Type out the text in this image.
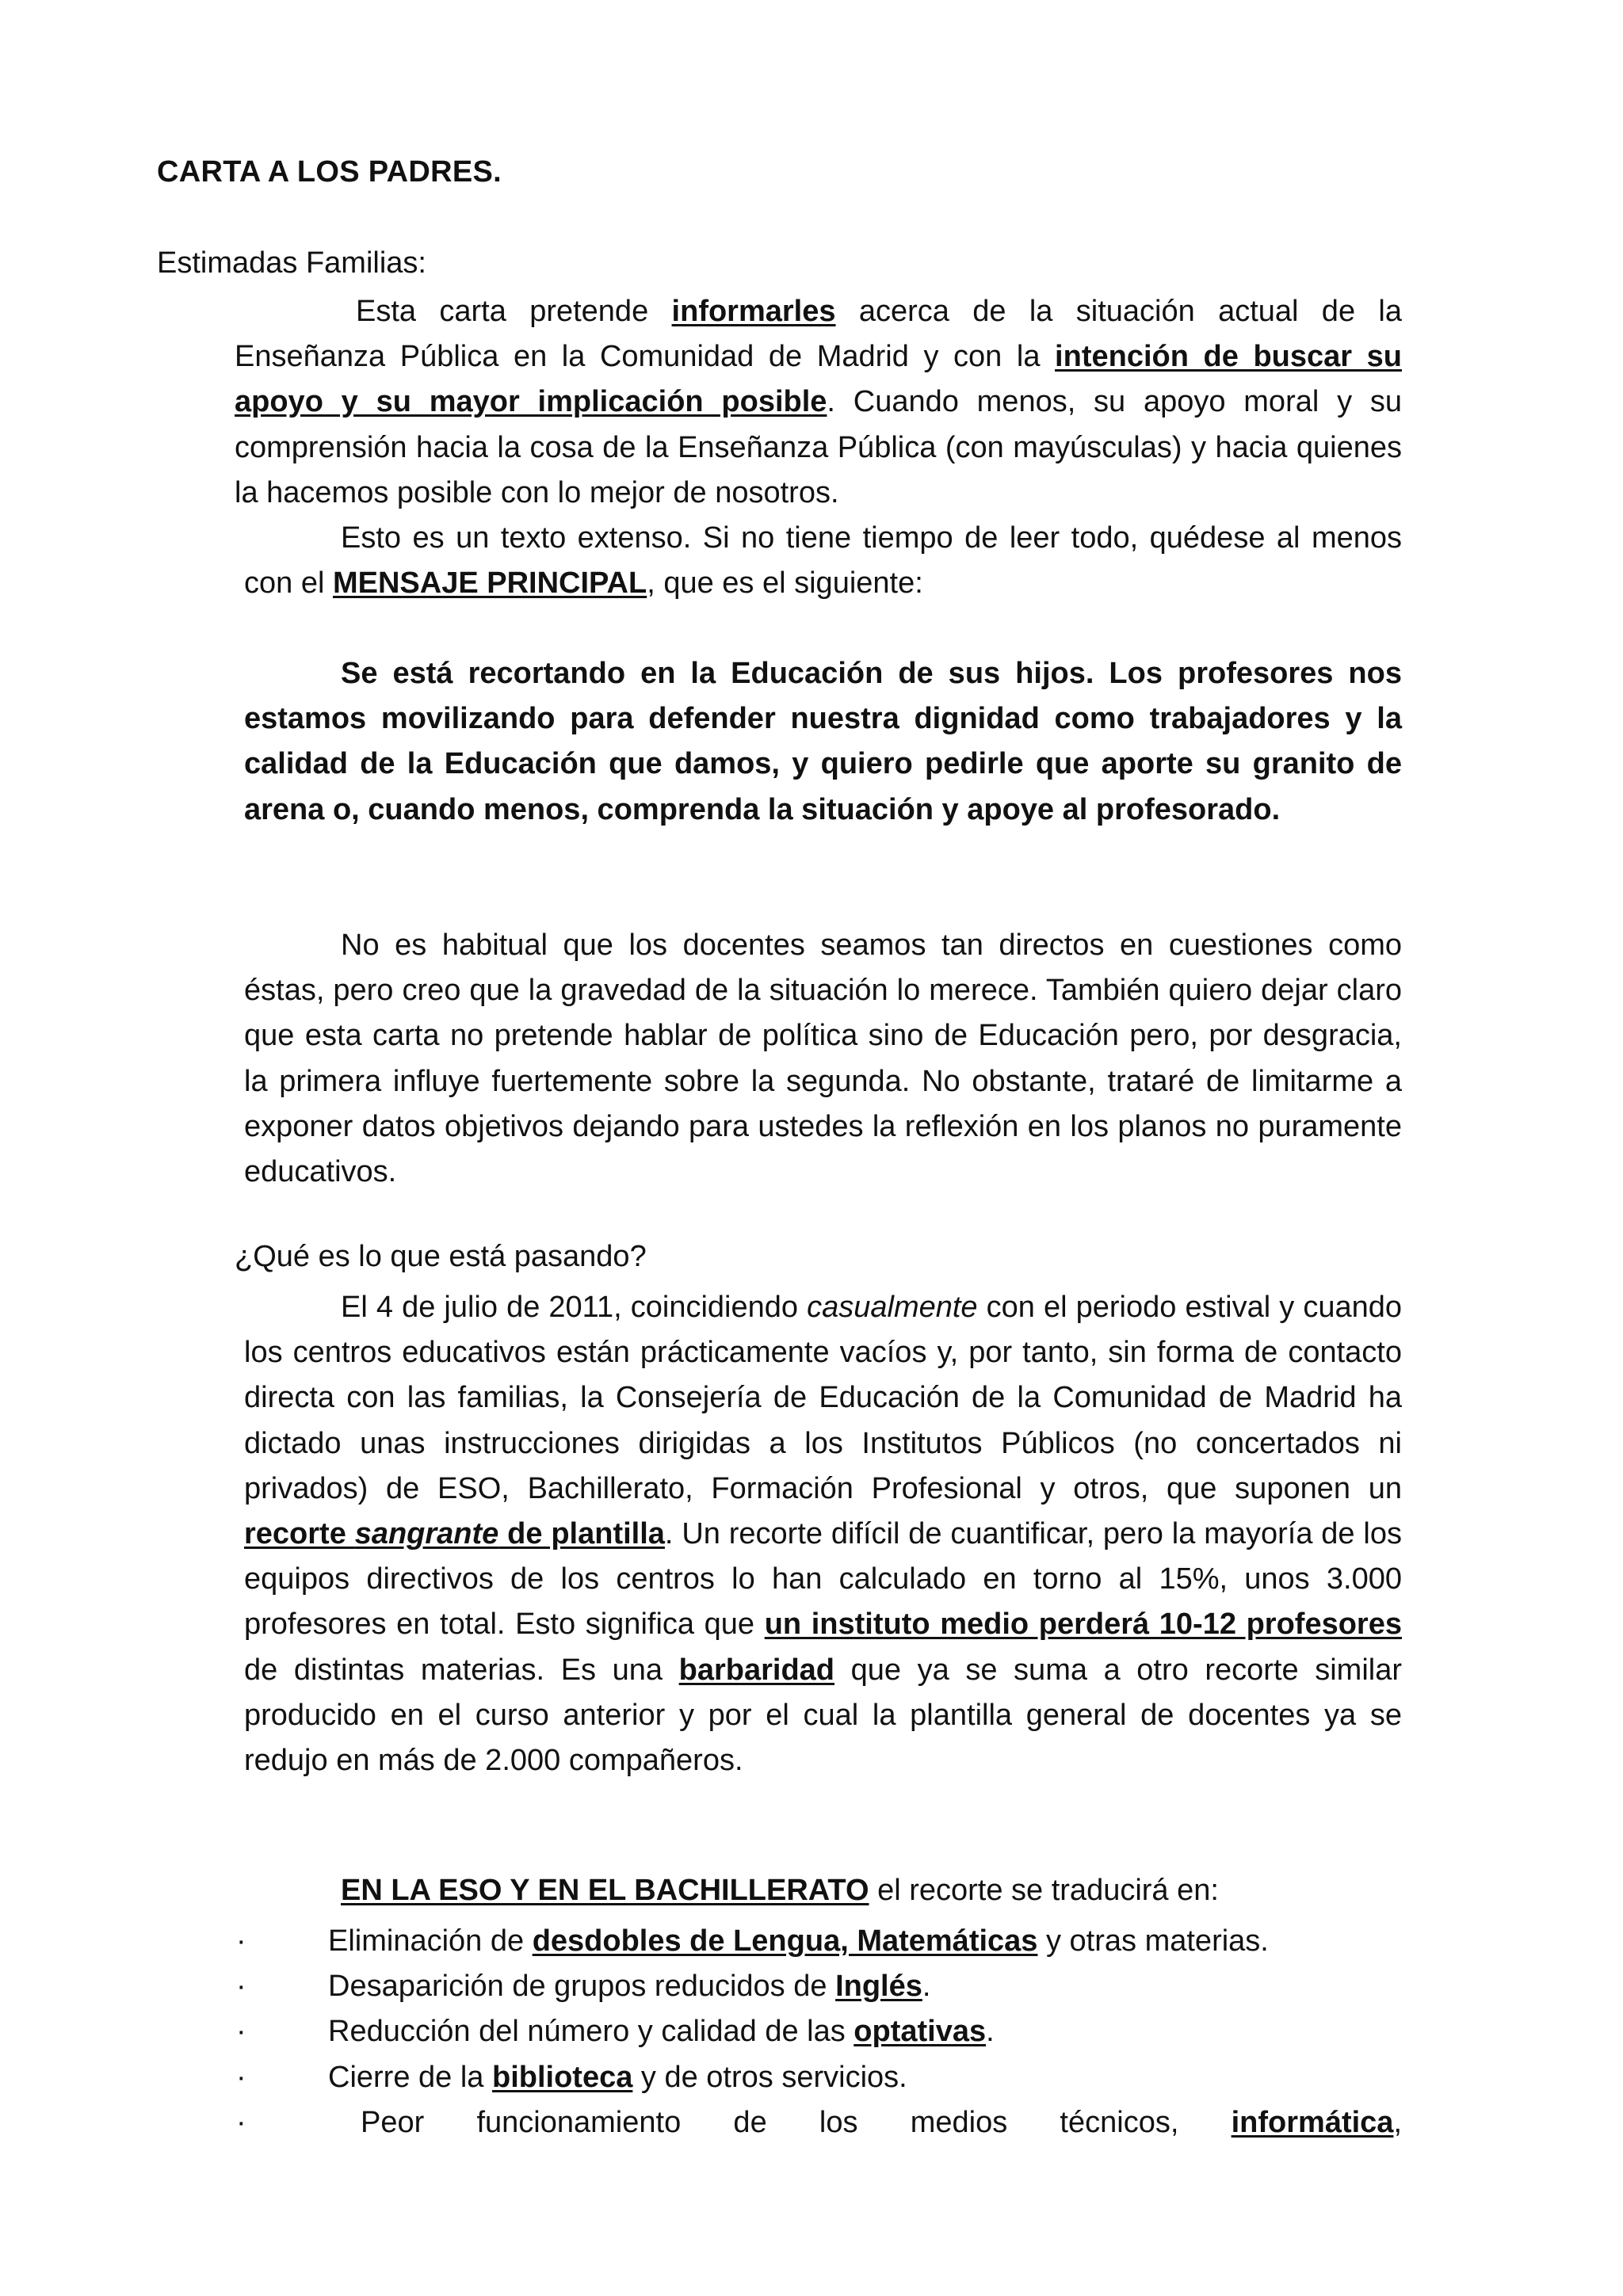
CARTA A LOS PADRES.
Estimadas Familias:

Esta carta pretende informarles acerca de la situación actual de la Enseñanza Pública en la Comunidad de Madrid y con la intención de buscar su apoyo y su mayor implicación posible. Cuando menos, su apoyo moral y su comprensión hacia la cosa de la Enseñanza Pública (con mayúsculas) y hacia quienes la hacemos posible con lo mejor de nosotros.

Esto es un texto extenso. Si no tiene tiempo de leer todo, quédese al menos con el MENSAJE PRINCIPAL, que es el siguiente:

Se está recortando en la Educación de sus hijos. Los profesores nos estamos movilizando para defender nuestra dignidad como trabajadores y la calidad de la Educación que damos, y quiero pedirle que aporte su granito de arena o, cuando menos, comprenda la situación y apoye al profesorado.

No es habitual que los docentes seamos tan directos en cuestiones como éstas, pero creo que la gravedad de la situación lo merece. También quiero dejar claro que esta carta no pretende hablar de política sino de Educación pero, por desgracia, la primera influye fuertemente sobre la segunda. No obstante, trataré de limitarme a exponer datos objetivos dejando para ustedes la reflexión en los planos no puramente educativos.

¿Qué es lo que está pasando?

El 4 de julio de 2011, coincidiendo casualmente con el periodo estival y cuando los centros educativos están prácticamente vacíos y, por tanto, sin forma de contacto directa con las familias, la Consejería de Educación de la Comunidad de Madrid ha dictado unas instrucciones dirigidas a los Institutos Públicos (no concertados ni privados) de ESO, Bachillerato, Formación Profesional y otros, que suponen un recorte sangrante de plantilla. Un recorte difícil de cuantificar, pero la mayoría de los equipos directivos de los centros lo han calculado en torno al 15%, unos 3.000 profesores en total. Esto significa que un instituto medio perderá 10-12 profesores de distintas materias. Es una barbaridad que ya se suma a otro recorte similar producido en el curso anterior y por el cual la plantilla general de docentes ya se redujo en más de 2.000 compañeros.

EN LA ESO Y EN EL BACHILLERATO el recorte se traducirá en:
·	Eliminación de desdobles de Lengua, Matemáticas y otras materias.
·	Desaparición de grupos reducidos de Inglés.
·	Reducción del número y calidad de las optativas.
·	Cierre de la biblioteca y de otros servicios.
·	Peor funcionamiento de los medios técnicos, informática,
